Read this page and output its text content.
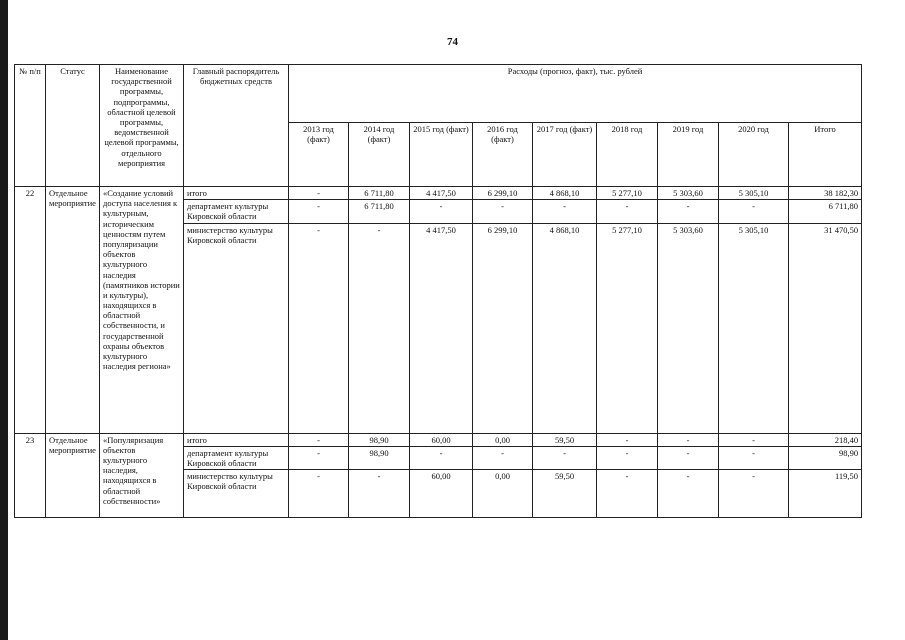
74
№ п/п	Статус	Наименование государственной программы, подпрограммы, областной целевой программы, ведомственной целевой программы, отдельного мероприятия	Главный распорядитель бюджетных средств	Расходы (прогноз, факт), тыс. рублей								
				2013 год (факт)	2014 год (факт)	2015 год (факт)	2016 год (факт)	2017 год (факт)	2018 год	2019 год	2020 год	Итого
22	Отдельное мероприятие	«Создание условий доступа населения к культурным, историческим ценностям путем популяризации объектов культурного наследия (памятников истории и культуры), находящихся в областной собственности, и государственной охраны объектов культурного наследия региона»	итого	-	6 711,80	4 417,50	6 299,10	4 868,10	5 277,10	5 303,60	5 305,10	38 182,30
			департамент культуры Кировской области	-	6 711,80	-	-	-	-	-	-	6 711,80
			министерство культуры Кировской области	-	-	4 417,50	6 299,10	4 868,10	5 277,10	5 303,60	5 305,10	31 470,50
23	Отдельное мероприятие	«Популяризация объектов культурного наследия, находящихся в областной собственности»	итого	-	98,90	60,00	0,00	59,50	-	-	-	218,40
			департамент культуры Кировской области	-	98,90	-	-	-	-	-	-	98,90
			министерство культуры Кировской области	-	-	60,00	0,00	59,50	-	-	-	119,50
